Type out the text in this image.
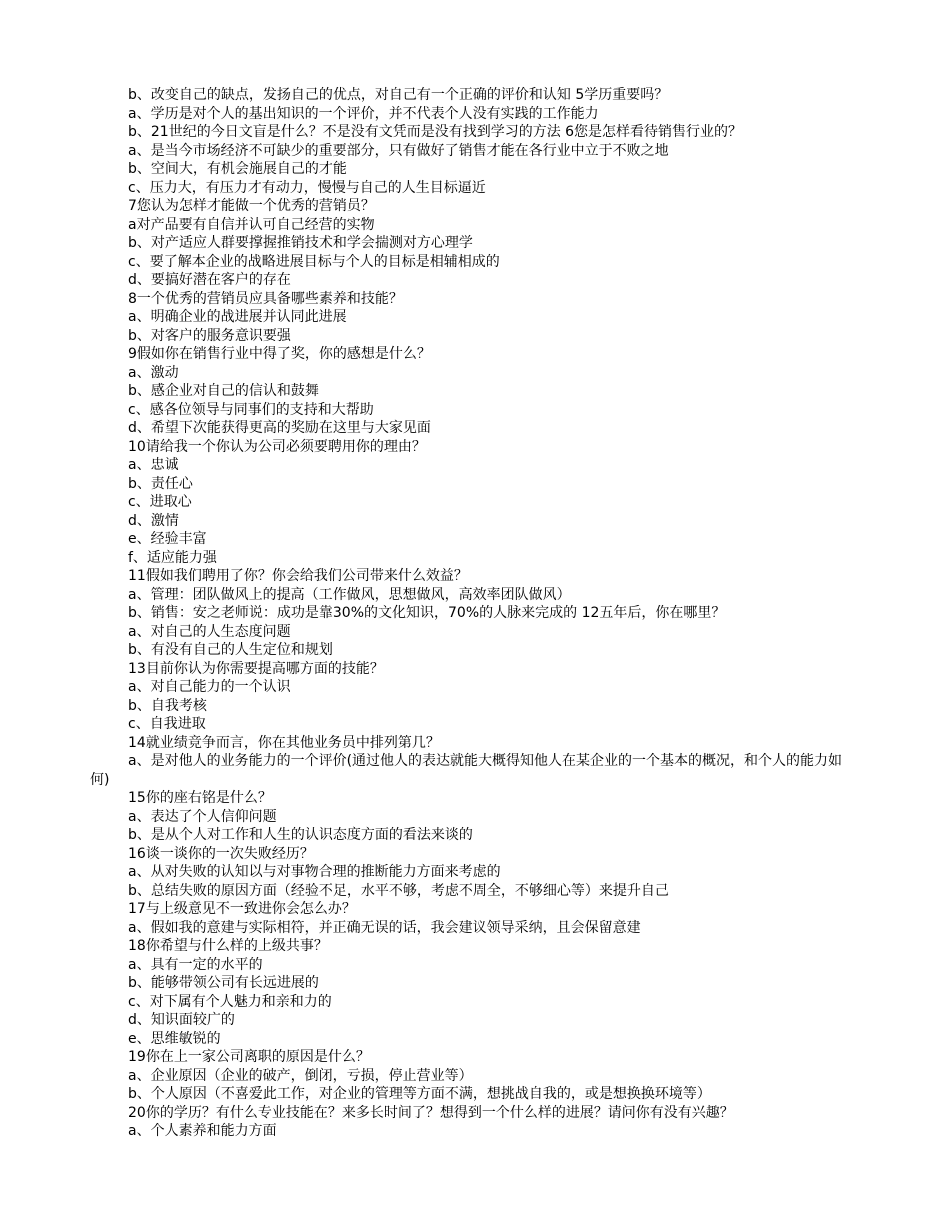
b、改变自己的缺点，发扬自己的优点，对自己有一个正确的评价和认知 5学历重要吗？
a、学历是对个人的基出知识的一个评价，并不代表个人没有实践的工作能力
b、21世纪的今日文盲是什么？不是没有文凭而是没有找到学习的方法 6您是怎样看待销售行业的？
a、是当今市场经济不可缺少的重要部分，只有做好了销售才能在各行业中立于不败之地
b、空间大，有机会施展自己的才能
c、压力大，有压力才有动力，慢慢与自己的人生目标逼近
7您认为怎样才能做一个优秀的营销员？
a对产品要有自信并认可自己经营的实物
b、对产适应人群要撑握推销技术和学会揣测对方心理学
c、要了解本企业的战略进展目标与个人的目标是相辅相成的
d、要搞好潜在客户的存在
8一个优秀的营销员应具备哪些素养和技能？
a、明确企业的战进展并认同此进展
b、对客户的服务意识要强
9假如你在销售行业中得了奖，你的感想是什么？
a、激动
b、感企业对自己的信认和鼓舞
c、感各位领导与同事们的支持和大帮助
d、希望下次能获得更高的奖励在这里与大家见面
10请给我一个你认为公司必须要聘用你的理由？
a、忠诚
b、责任心
c、进取心
d、激情
e、经验丰富
f、适应能力强
11假如我们聘用了你？你会给我们公司带来什么效益？
a、管理：团队做风上的提高（工作做风，思想做风，高效率团队做风）
b、销售：安之老师说：成功是靠30%的文化知识，70%的人脉来完成的 12五年后，你在哪里？
a、对自己的人生态度问题
b、有没有自己的人生定位和规划
13目前你认为你需要提高哪方面的技能？
a、对自己能力的一个认识
b、自我考核
c、自我进取
14就业绩竞争而言，你在其他业务员中排列第几？
a、是对他人的业务能力的一个评价(通过他人的表达就能大概得知他人在某企业的一个基本的概况，和个人的能力如何)
15你的座右铭是什么？
a、表达了个人信仰问题
b、是从个人对工作和人生的认识态度方面的看法来谈的
16谈一谈你的一次失败经历？
a、从对失败的认知以与对事物合理的推断能力方面来考虑的
b、总结失败的原因方面（经验不足，水平不够，考虑不周全，不够细心等）来提升自己
17与上级意见不一致进你会怎么办？
a、假如我的意建与实际相符，并正确无误的话，我会建议领导采纳，且会保留意建
18你希望与什么样的上级共事？
a、具有一定的水平的
b、能够带领公司有长远进展的
c、对下属有个人魅力和亲和力的
d、知识面较广的
e、思维敏锐的
19你在上一家公司离职的原因是什么？
a、企业原因（企业的破产，倒闭，亏损，停止营业等）
b、个人原因（不喜爱此工作，对企业的管理等方面不满，想挑战自我的，或是想换换环境等）
20你的学历？有什么专业技能在？来多长时间了？想得到一个什么样的进展？请问你有没有兴趣？
a、个人素养和能力方面
